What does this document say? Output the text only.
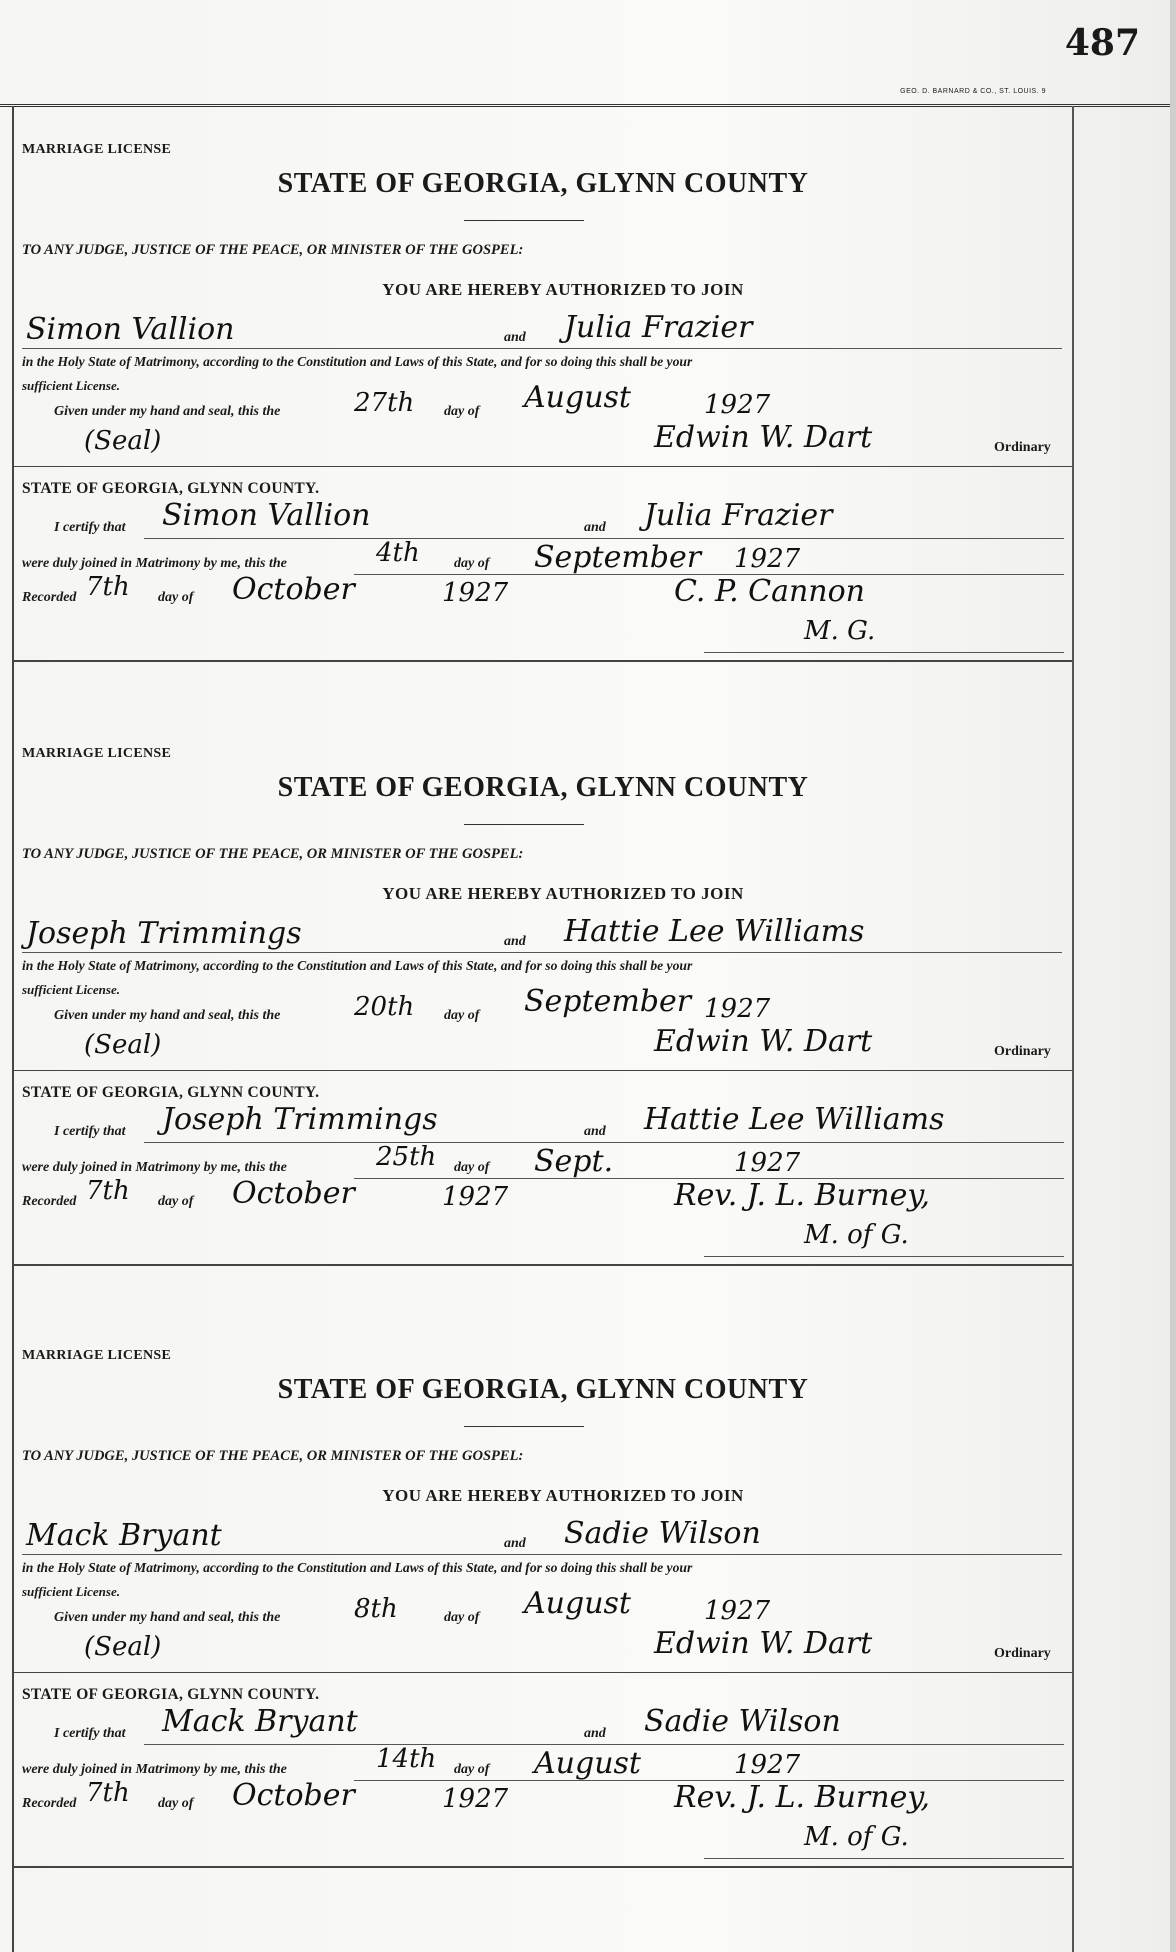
487
GEO. D. BARNARD & CO., ST. LOUIS. 9
MARRIAGE LICENSE
STATE OF GEORGIA, GLYNN COUNTY
TO ANY JUDGE, JUSTICE OF THE PEACE, OR MINISTER OF THE GOSPEL:
YOU ARE HEREBY AUTHORIZED TO JOIN
Simon Vallion	and Julia Frazier
in the Holy State of Matrimony, according to the Constitution and Laws of this State, and for so doing this shall be your
sufficient License.
Given under my hand and seal, this the	27th day of August	1927
(Seal)	Edwin W. Dart	Ordinary
STATE OF GEORGIA, GLYNN COUNTY.
I certify that Simon Vallion	and Julia Frazier
were duly joined in Matrimony by me, this the	4th day of September 1927
Recorded 7th day of October	1927	C. P. Cannon
M. G.
MARRIAGE LICENSE
STATE OF GEORGIA, GLYNN COUNTY
TO ANY JUDGE, JUSTICE OF THE PEACE, OR MINISTER OF THE GOSPEL:
YOU ARE HEREBY AUTHORIZED TO JOIN
Joseph Trimmings	and Hattie Lee Williams
in the Holy State of Matrimony, according to the Constitution and Laws of this State, and for so doing this shall be your
sufficient License.
Given under my hand and seal, this the	20th day of September 1927
(Seal)	Edwin W. Dart	Ordinary
STATE OF GEORGIA, GLYNN COUNTY.
I certify that Joseph Trimmings	and Hattie Lee Williams
were duly joined in Matrimony by me, this the	25th day of Sept.	1927
Recorded 7th day of October	1927	Rev. J. L. Burney,
M. of G.
MARRIAGE LICENSE
STATE OF GEORGIA, GLYNN COUNTY
TO ANY JUDGE, JUSTICE OF THE PEACE, OR MINISTER OF THE GOSPEL:
YOU ARE HEREBY AUTHORIZED TO JOIN
Mack Bryant	and Sadie Wilson
in the Holy State of Matrimony, according to the Constitution and Laws of this State, and for so doing this shall be your
sufficient License.
Given under my hand and seal, this the	8th	day of August	1927
(Seal)	Edwin W. Dart	Ordinary
STATE OF GEORGIA, GLYNN COUNTY.
I certify that Mack Bryant	and Sadie Wilson
were duly joined in Matrimony by me, this the	14th day of August	1927
Recorded 7th day of October	1927	Rev. J. L. Burney,
M. of G.
